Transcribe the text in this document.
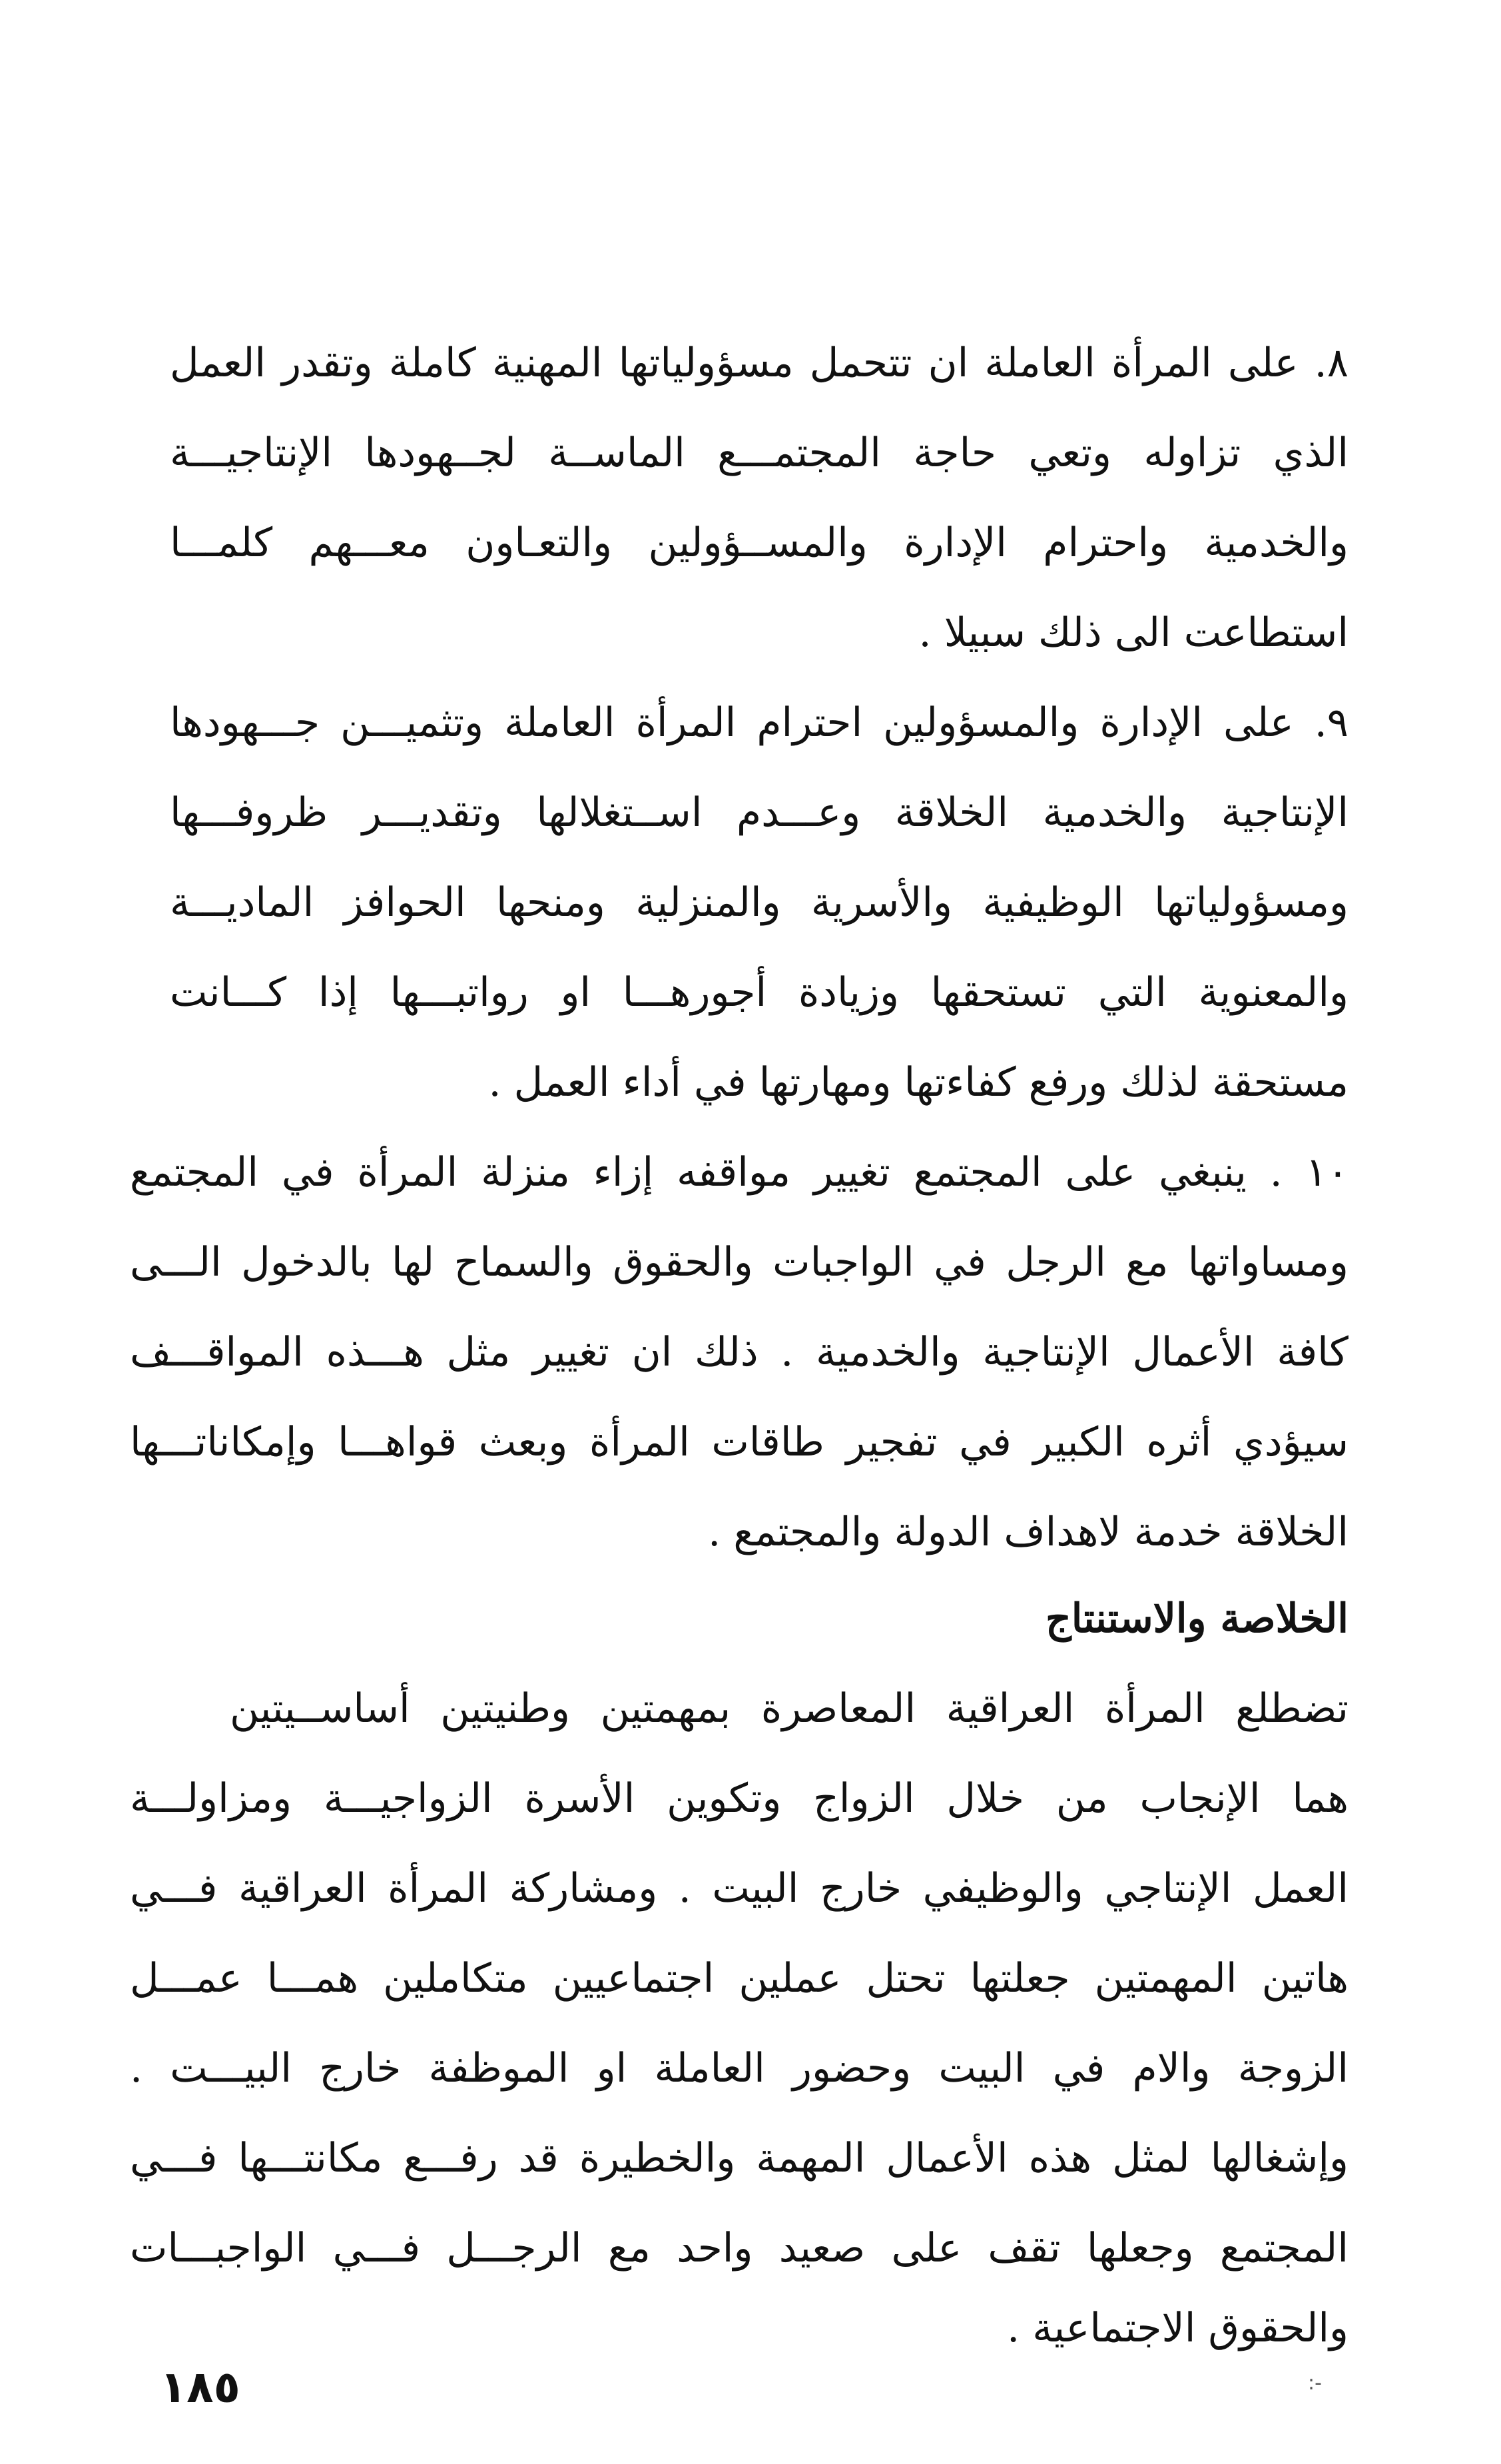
٨. على المرأة العاملة ان تتحمل مسؤولياتها المهنية كاملة وتقدر العمل
الذي تزاوله وتعي حاجة المجتمـــع الماســة لجــهودها الإنتاجيـــة
والخدمية واحترام الإدارة والمســؤولين والتعـاون معـــهم كلمـــا
استطاعت الى ذلك سبيلا .
٩. على الإدارة والمسؤولين احترام المرأة العاملة وتثميـــن جـــهودها
الإنتاجية والخدمية الخلاقة وعـــدم اســتغلالها وتقديـــر ظروفـــها
ومسؤولياتها الوظيفية والأسرية والمنزلية ومنحها الحوافز الماديـــة
والمعنوية التي تستحقها وزيادة أجورهـــا او رواتبـــها إذا كـــانت
مستحقة لذلك ورفع كفاءتها ومهارتها في أداء العمل .
١٠ . ينبغي على المجتمع تغيير مواقفه إزاء منزلة المرأة في المجتمع
ومساواتها مع الرجل في الواجبات والحقوق والسماح لها بالدخول الـــى
كافة الأعمال الإنتاجية والخدمية . ذلك ان تغيير مثل هـــذه المواقـــف
سيؤدي أثره الكبير في تفجير طاقات المرأة وبعث قواهـــا وإمكاناتـــها
الخلاقة خدمة لاهداف الدولة والمجتمع .
الخلاصة والاستنتاج
تضطلع المرأة العراقية المعاصرة بمهمتين وطنيتين أساســيتين
هما الإنجاب من خلال الزواج وتكوين الأسرة الزواجيـــة ومزاولـــة
العمل الإنتاجي والوظيفي خارج البيت . ومشاركة المرأة العراقية فـــي
هاتين المهمتين جعلتها تحتل عملين اجتماعيين متكاملين همـــا عمـــل
الزوجة والام في البيت وحضور العاملة او الموظفة خارج البيـــت .
وإشغالها لمثل هذه الأعمال المهمة والخطيرة قد رفـــع مكانتـــها فـــي
المجتمع وجعلها تقف على صعيد واحد مع الرجـــل فـــي الواجبـــات
والحقوق الاجتماعية .
١٨٥	:-
